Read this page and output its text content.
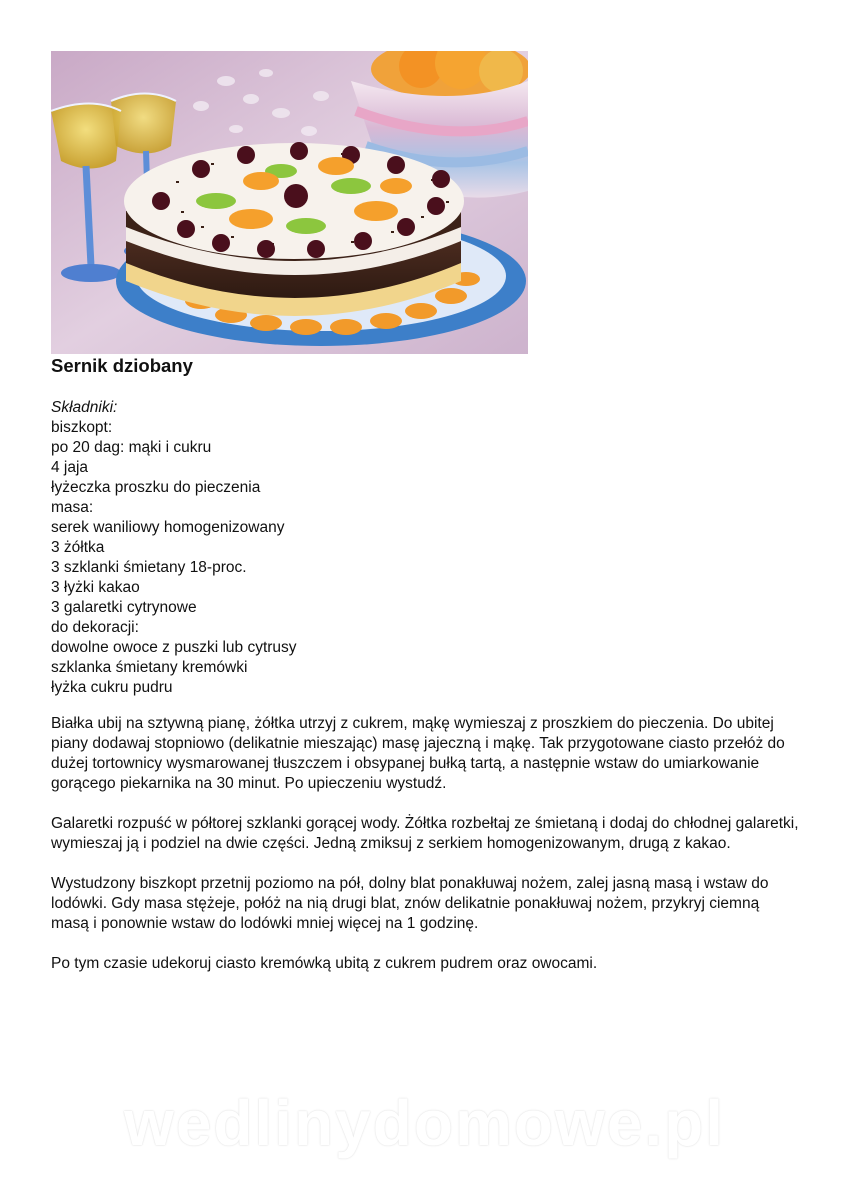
Sernik dziobany
Składniki:
biszkopt:
po 20 dag: mąki i cukru
4 jaja
łyżeczka proszku do pieczenia
masa:
serek waniliowy homogenizowany
3 żółtka
3 szklanki śmietany 18-proc.
3 łyżki kakao
3 galaretki cytrynowe
do dekoracji:
dowolne owoce z puszki lub cytrusy
szklanka śmietany kremówki
łyżka cukru pudru

Białka ubij na sztywną pianę, żółtka utrzyj z cukrem, mąkę wymieszaj z proszkiem do pieczenia. Do ubitej piany dodawaj stopniowo (delikatnie mieszając) masę jajeczną i mąkę. Tak przygotowane ciasto przełóż do dużej tortownicy wysmarowanej tłuszczem i obsypanej bułką tartą, a następnie wstaw do umiarkowanie gorącego piekarnika na 30 minut. Po upieczeniu wystudź.

Galaretki rozpuść w półtorej szklanki gorącej wody. Żółtka rozbełtaj ze śmietaną i dodaj do chłodnej galaretki, wymieszaj ją i podziel na dwie części. Jedną zmiksuj z serkiem homogenizowanym, drugą z kakao.

Wystudzony biszkopt przetnij poziomo na pół, dolny blat ponakłuwaj nożem, zalej jasną masą i wstaw do lodówki. Gdy masa stężeje, połóż na nią drugi blat, znów delikatnie ponakłuwaj nożem, przykryj ciemną masą i ponownie wstaw do lodówki mniej więcej na 1 godzinę.

Po tym czasie udekoruj ciasto kremówką ubitą z cukrem pudrem oraz owocami.

wedlinydomowe.pl
